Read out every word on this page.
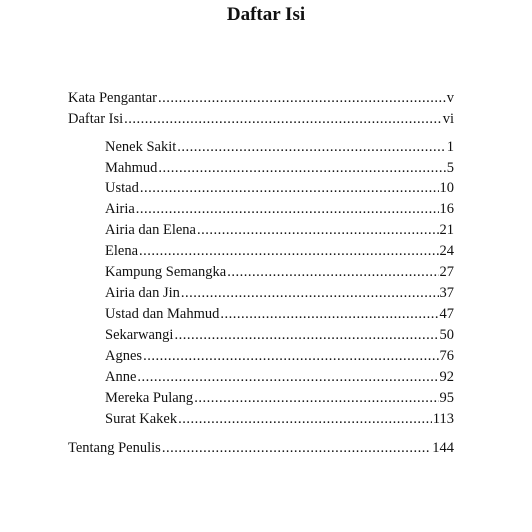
Daftar Isi
Kata Pengantar .....	v
Daftar Isi .....	vi
Nenek Sakit .....	1
Mahmud .....	5
Ustad .....	10
Airia .....	16
Airia dan Elena .....	21
Elena .....	24
Kampung Semangka .....	27
Airia dan Jin .....	37
Ustad dan Mahmud .....	47
Sekarwangi .....	50
Agnes .....	76
Anne .....	92
Mereka Pulang .....	95
Surat Kakek .....	113
Tentang Penulis .....	144
